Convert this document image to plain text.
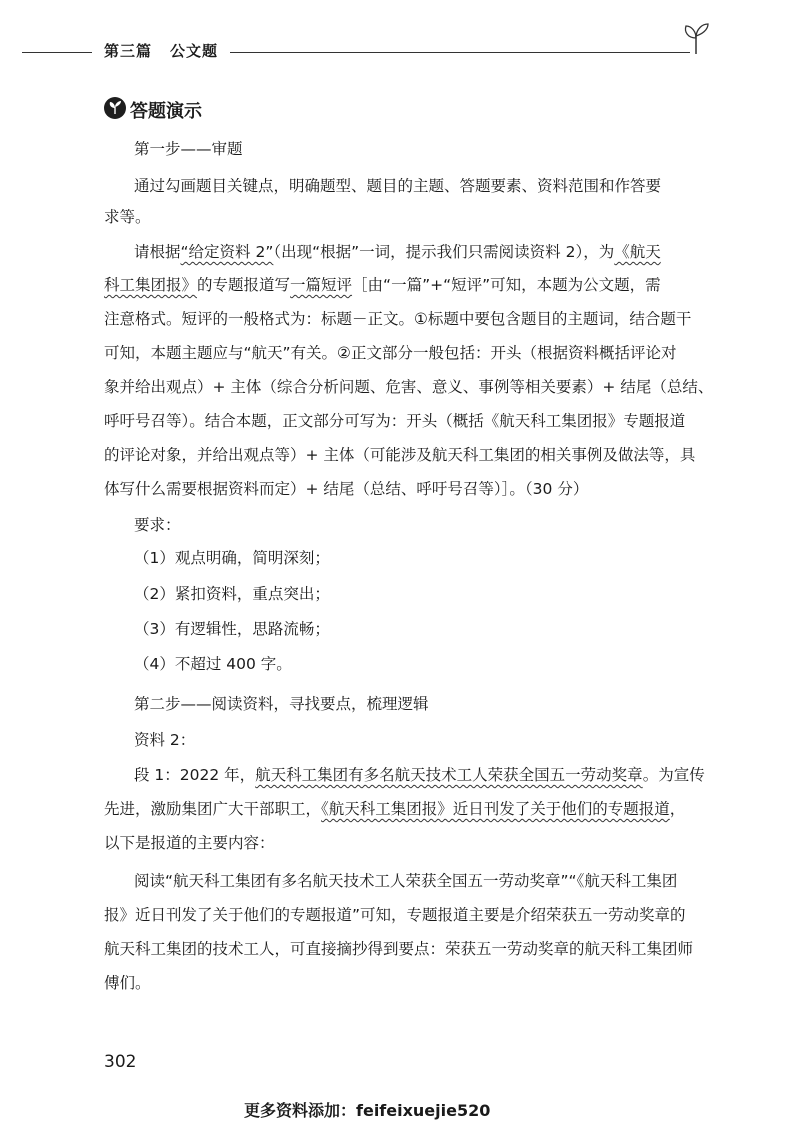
第三篇 公文题
答题演示
第一步——审题
通过勾画题目关键点，明确题型、题目的主题、答题要素、资料范围和作答要
求等。
请根据“给定资料 2”（出现“根据”一词，提示我们只需阅读资料 2），为《航天
科工集团报》的专题报道写一篇短评［由“一篇”+“短评”可知，本题为公文题，需
注意格式。短评的一般格式为：标题－正文。①标题中要包含题目的主题词，结合题干
可知，本题主题应与“航天”有关。②正文部分一般包括：开头（根据资料概括评论对
象并给出观点）+ 主体（综合分析问题、危害、意义、事例等相关要素）+ 结尾（总结、
呼吁号召等）。结合本题，正文部分可写为：开头（概括《航天科工集团报》专题报道
的评论对象，并给出观点等）+ 主体（可能涉及航天科工集团的相关事例及做法等，具
体写什么需要根据资料而定）+ 结尾（总结、呼吁号召等）］。（30 分）
要求：
（1）观点明确，简明深刻；
（2）紧扣资料，重点突出；
（3）有逻辑性，思路流畅；
（4）不超过 400 字。
第二步——阅读资料，寻找要点，梳理逻辑
资料 2：
段 1：2022 年，航天科工集团有多名航天技术工人荣获全国五一劳动奖章。为宣传
先进，激励集团广大干部职工，《航天科工集团报》近日刊发了关于他们的专题报道，
以下是报道的主要内容：
阅读“航天科工集团有多名航天技术工人荣获全国五一劳动奖章”“《航天科工集团
报》近日刊发了关于他们的专题报道”可知，专题报道主要是介绍荣获五一劳动奖章的
航天科工集团的技术工人，可直接摘抄得到要点：荣获五一劳动奖章的航天科工集团师
傅们。
302
更多资料添加：feifeixuejie520
